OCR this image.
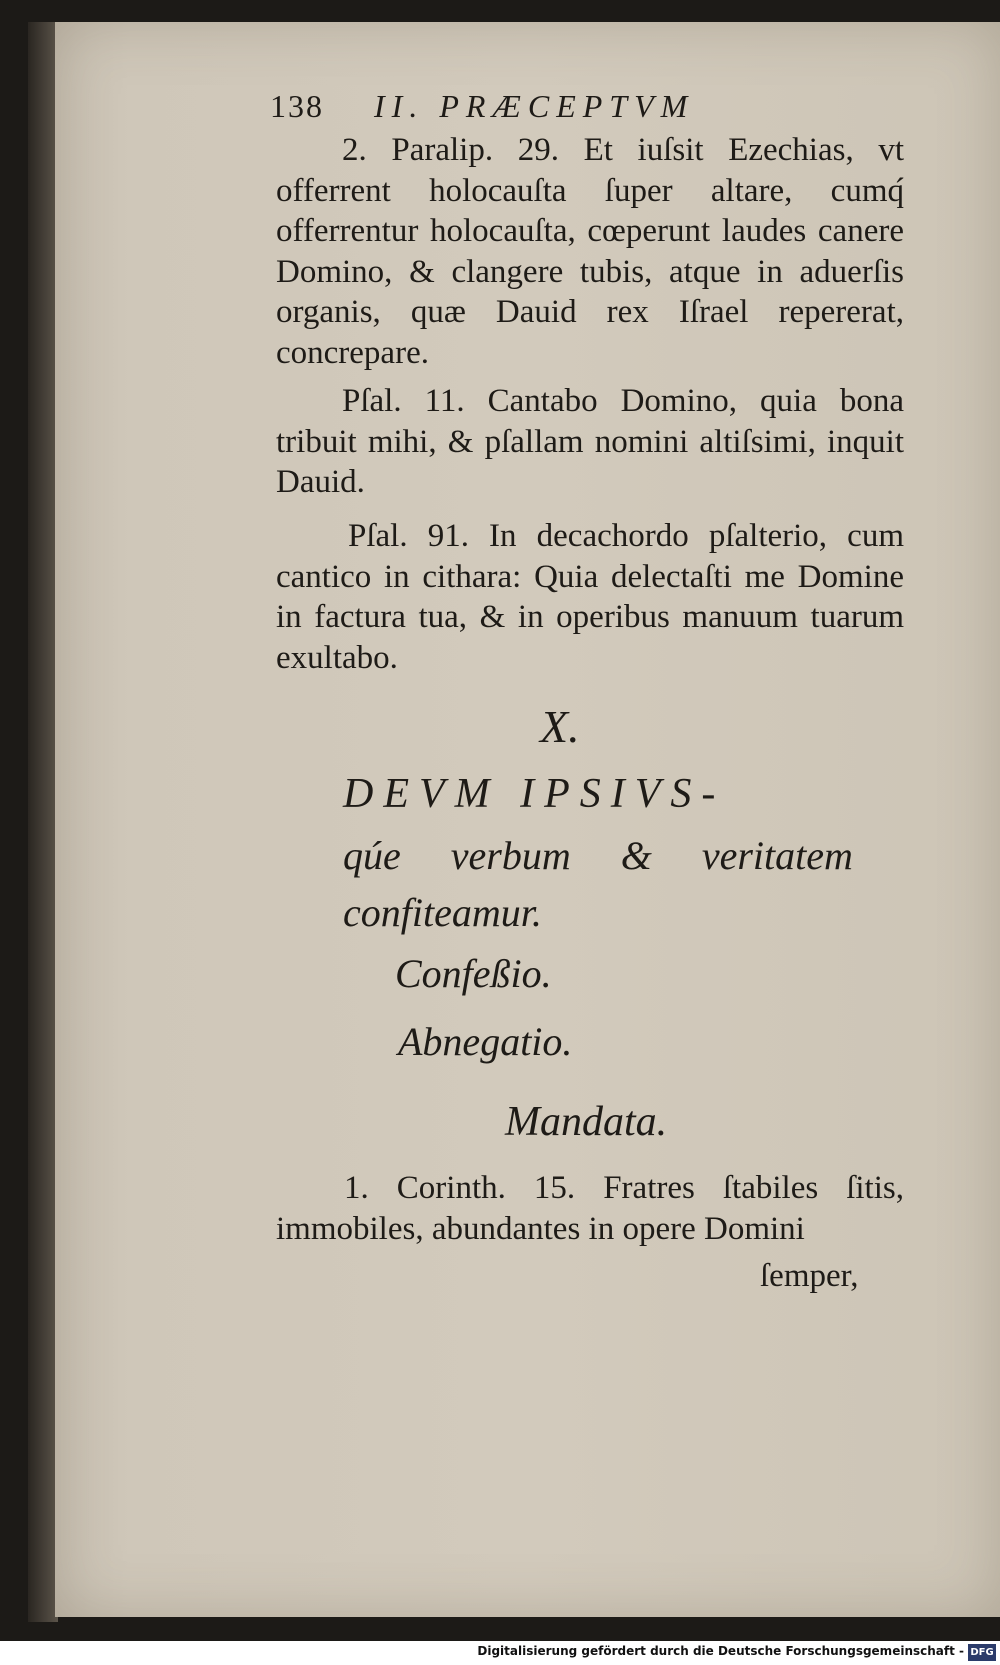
138 II. PRÆCEPTVM
2. Paralip. 29. Et iuſsit Ezechias, vt offerrent holocauſta ſuper altare, cumq́ offerrentur holocauſta, cœperunt laudes canere Domino, & clangere tubis, atque in aduerſis organis, quæ Dauid rex Iſrael repererat, concrepare.
Pſal. 11. Cantabo Domino, quia bona tribuit mihi, & pſallam nomini altiſsimi, inquit Dauid.
Pſal. 91. In decachordo pſalterio, cum cantico in cithara: Quia delectaſti me Domine in factura tua, & in operibus manuum tuarum exultabo.
X.
DEVM IPSIVS-
qúe verbum & veritatem
confiteamur.
Confeßio.
Abnegatio.
Mandata.
1. Corinth. 15. Fratres ſtabiles ſitis, immobiles, abundantes in opere Domini
ſemper,
Digitalisierung gefördert durch die Deutsche Forschungsgemeinschaft - DFG
